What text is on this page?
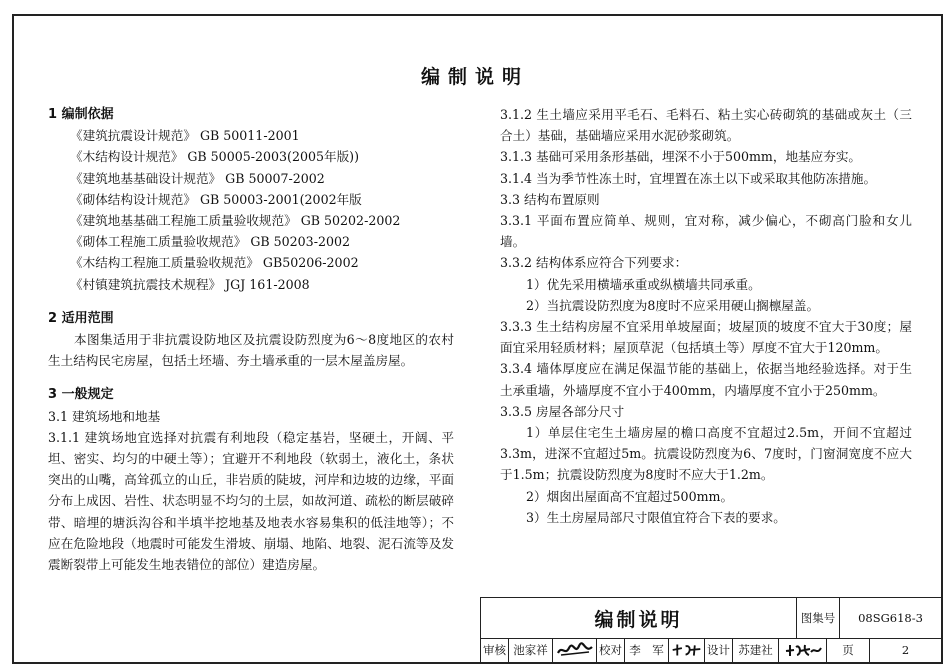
编制说明
1 编制依据
《建筑抗震设计规范》 GB 50011-2001
《木结构设计规范》 GB 50005-2003(2005年版))
《建筑地基基础设计规范》 GB 50007-2002
《砌体结构设计规范》 GB 50003-2001(2002年版
《建筑地基基础工程施工质量验收规范》 GB 50202-2002
《砌体工程施工质量验收规范》 GB 50203-2002
《木结构工程施工质量验收规范》 GB50206-2002
《村镇建筑抗震技术规程》 JGJ 161-2008
2 适用范围
本图集适用于非抗震设防地区及抗震设防烈度为6～8度地区的农村生土结构民宅房屋，包括土坯墙、夯土墙承重的一层木屋盖房屋。
3 一般规定
3.1 建筑场地和地基
3.1.1 建筑场地宜选择对抗震有利地段（稳定基岩，坚硬土，开阔、平坦、密实、均匀的中硬土等）；宜避开不利地段（软弱土，液化土，条状突出的山嘴，高耸孤立的山丘，非岩质的陡坡，河岸和边坡的边缘，平面分布上成因、岩性、状态明显不均匀的土层，如故河道、疏松的断层破碎带、暗埋的塘浜沟谷和半填半挖地基及地表水容易集积的低洼地等）；不应在危险地段（地震时可能发生滑坡、崩塌、地陷、地裂、泥石流等及发震断裂带上可能发生地表错位的部位）建造房屋。
3.1.2 生土墙应采用平毛石、毛料石、粘土实心砖砌筑的基础或灰土（三合土）基础，基础墙应采用水泥砂浆砌筑。
3.1.3 基础可采用条形基础，埋深不小于500mm，地基应夯实。
3.1.4 当为季节性冻土时，宜埋置在冻土以下或采取其他防冻措施。
3.3 结构布置原则
3.3.1 平面布置应简单、规则，宜对称，减少偏心，不砌高门脸和女儿墙。
3.3.2 结构体系应符合下列要求：
1）优先采用横墙承重或纵横墙共同承重。
2）当抗震设防烈度为8度时不应采用硬山搁檩屋盖。
3.3.3 生土结构房屋不宜采用单坡屋面；坡屋顶的坡度不宜大于30度；屋面宜采用轻质材料；屋顶草泥（包括填土等）厚度不宜大于120mm。
3.3.4 墙体厚度应在满足保温节能的基础上，依据当地经验选择。对于生土承重墙，外墙厚度不宜小于400mm，内墙厚度不宜小于250mm。
3.3.5 房屋各部分尺寸
1）单层住宅生土墙房屋的檐口高度不宜超过2.5m，开间不宜超过3.3m，进深不宜超过5m。抗震设防烈度为6、7度时，门窗洞宽度不应大于1.5m；抗震设防烈度为8度时不应大于1.2m。
2）烟囱出屋面高不宜超过500mm。
3）生土房屋局部尺寸限值宜符合下表的要求。
编制说明	图集号	08SG618-3
审核 池家祥	校对 李　军	设计 苏建社	页	2
